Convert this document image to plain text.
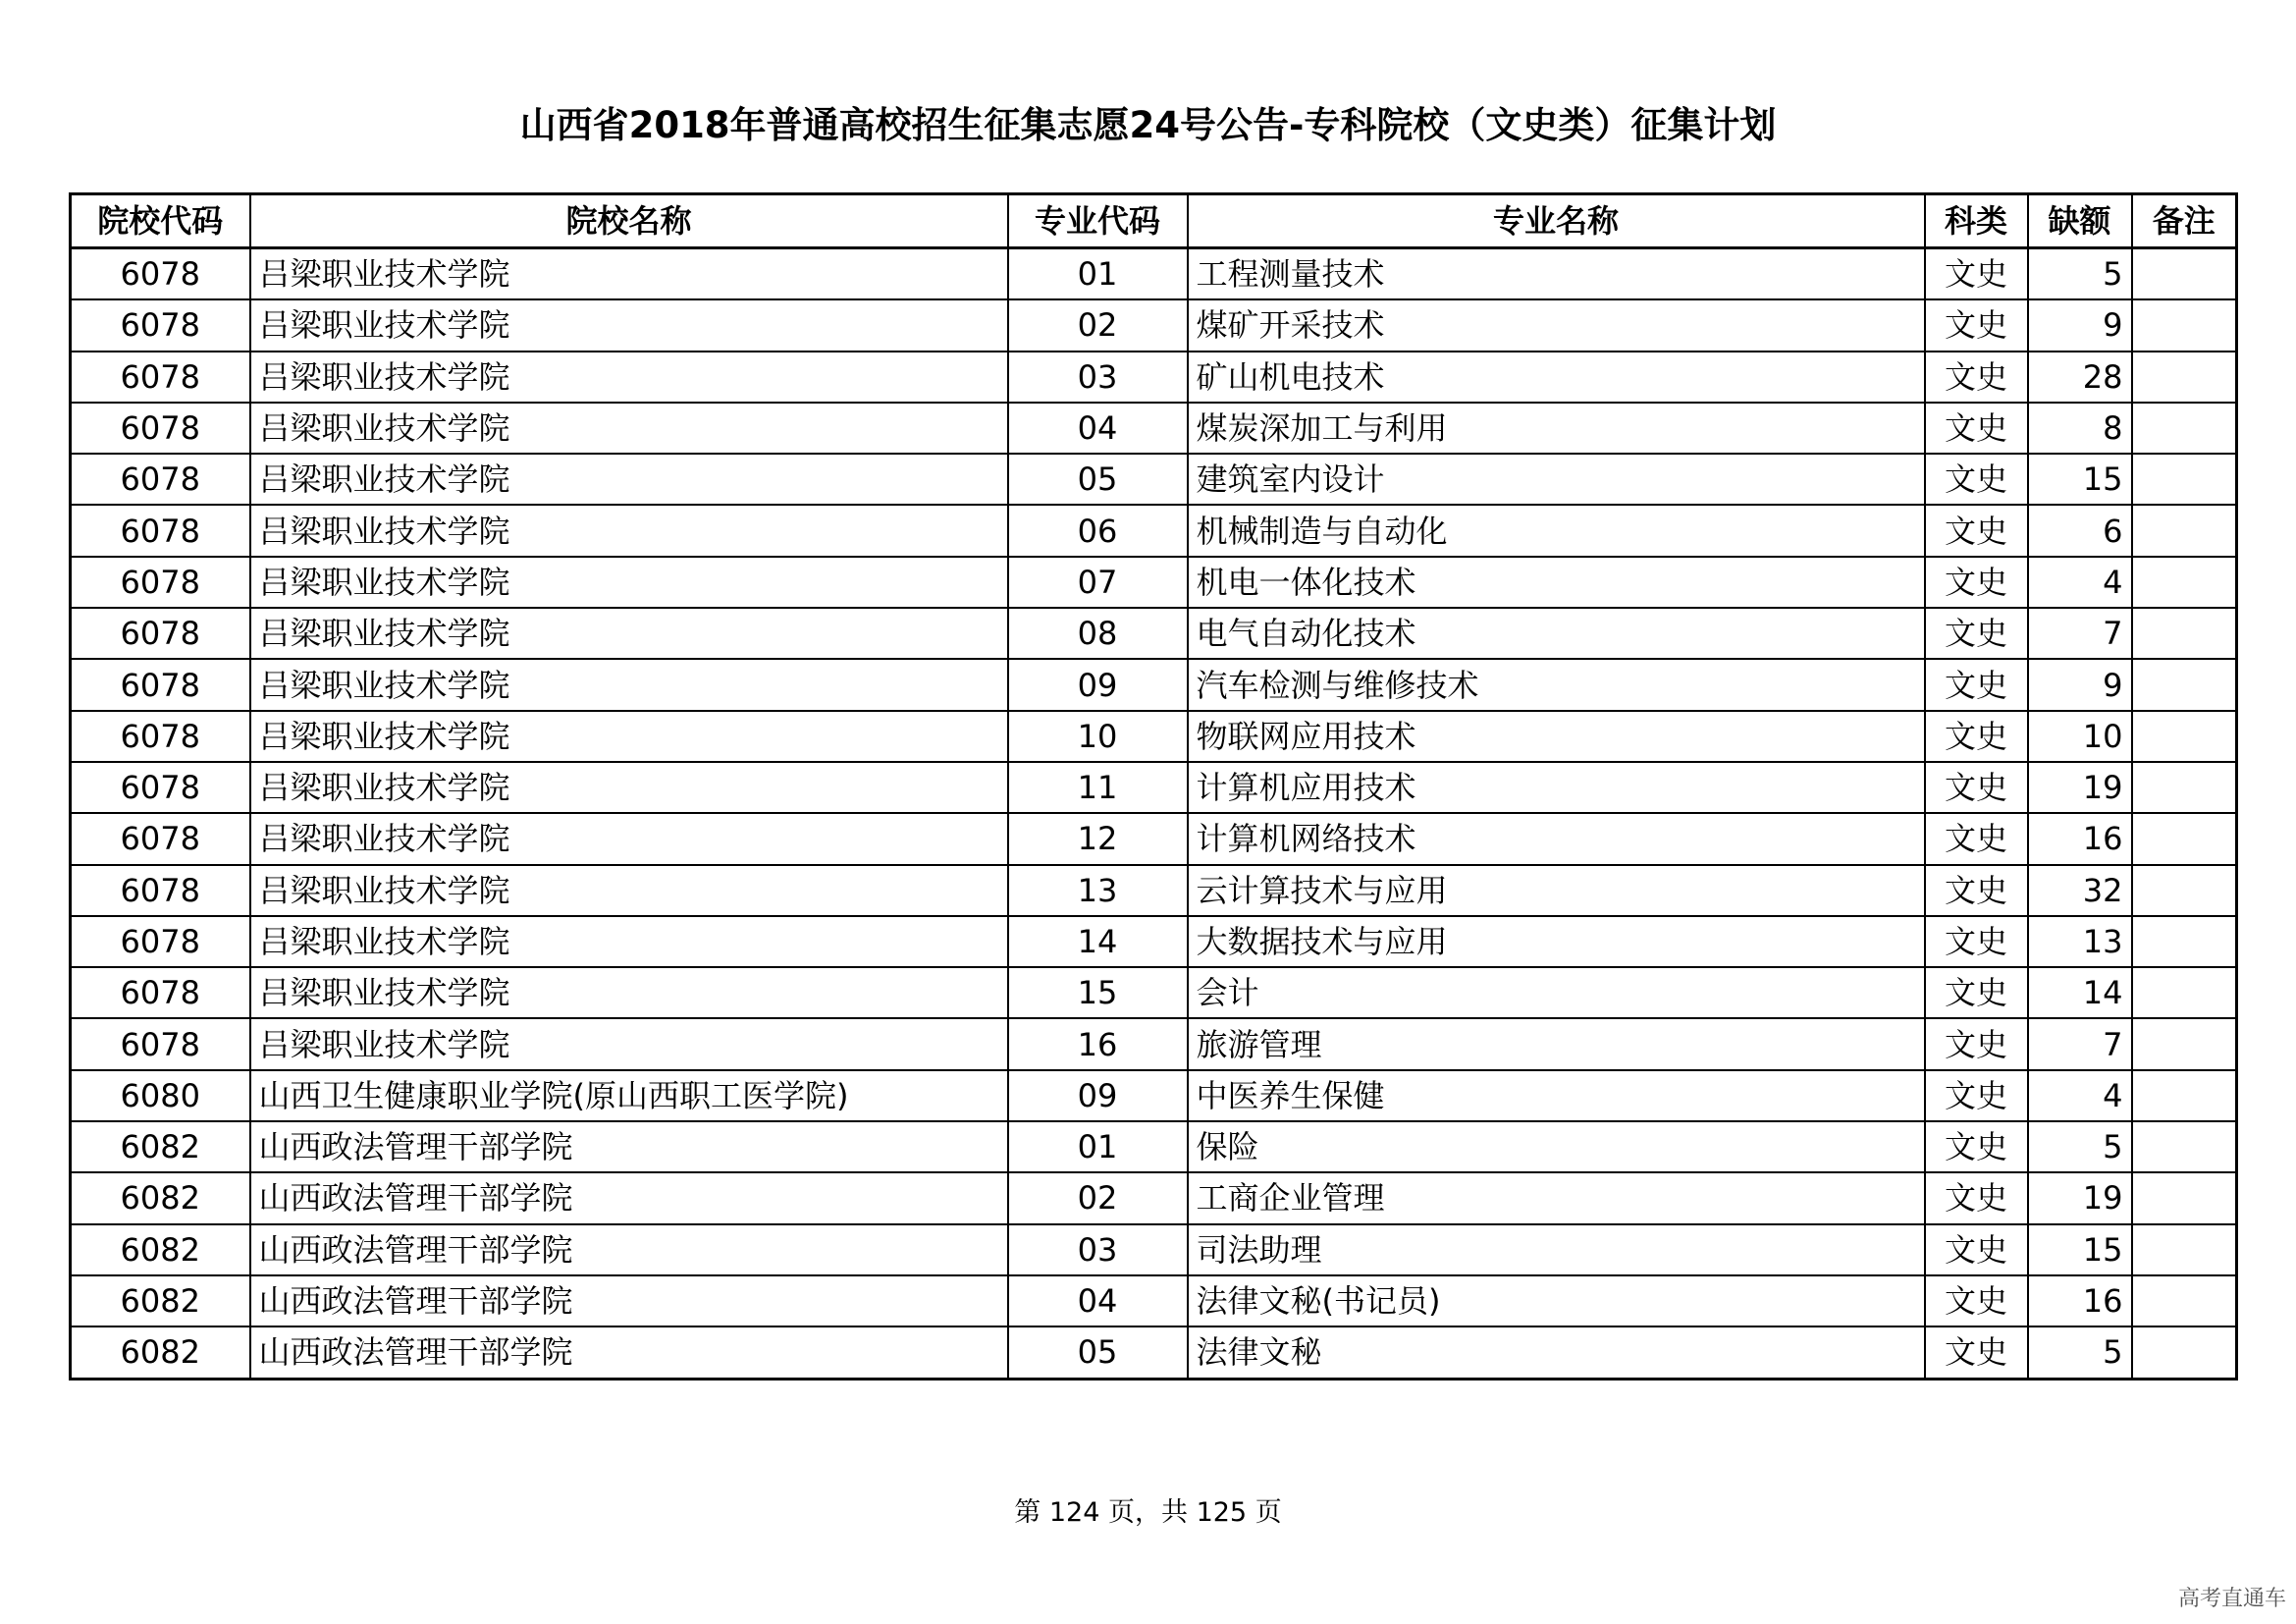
山西省2018年普通高校招生征集志愿24号公告-专科院校（文史类）征集计划
院校代码	院校名称	专业代码	专业名称	科类	缺额	备注
6078	吕梁职业技术学院	01	工程测量技术	文史	5	
6078	吕梁职业技术学院	02	煤矿开采技术	文史	9	
6078	吕梁职业技术学院	03	矿山机电技术	文史	28	
6078	吕梁职业技术学院	04	煤炭深加工与利用	文史	8	
6078	吕梁职业技术学院	05	建筑室内设计	文史	15	
6078	吕梁职业技术学院	06	机械制造与自动化	文史	6	
6078	吕梁职业技术学院	07	机电一体化技术	文史	4	
6078	吕梁职业技术学院	08	电气自动化技术	文史	7	
6078	吕梁职业技术学院	09	汽车检测与维修技术	文史	9	
6078	吕梁职业技术学院	10	物联网应用技术	文史	10	
6078	吕梁职业技术学院	11	计算机应用技术	文史	19	
6078	吕梁职业技术学院	12	计算机网络技术	文史	16	
6078	吕梁职业技术学院	13	云计算技术与应用	文史	32	
6078	吕梁职业技术学院	14	大数据技术与应用	文史	13	
6078	吕梁职业技术学院	15	会计	文史	14	
6078	吕梁职业技术学院	16	旅游管理	文史	7	
6080	山西卫生健康职业学院(原山西职工医学院)	09	中医养生保健	文史	4	
6082	山西政法管理干部学院	01	保险	文史	5	
6082	山西政法管理干部学院	02	工商企业管理	文史	19	
6082	山西政法管理干部学院	03	司法助理	文史	15	
6082	山西政法管理干部学院	04	法律文秘(书记员)	文史	16	
6082	山西政法管理干部学院	05	法律文秘	文史	5	
第 124 页，共 125 页
高考直通车
